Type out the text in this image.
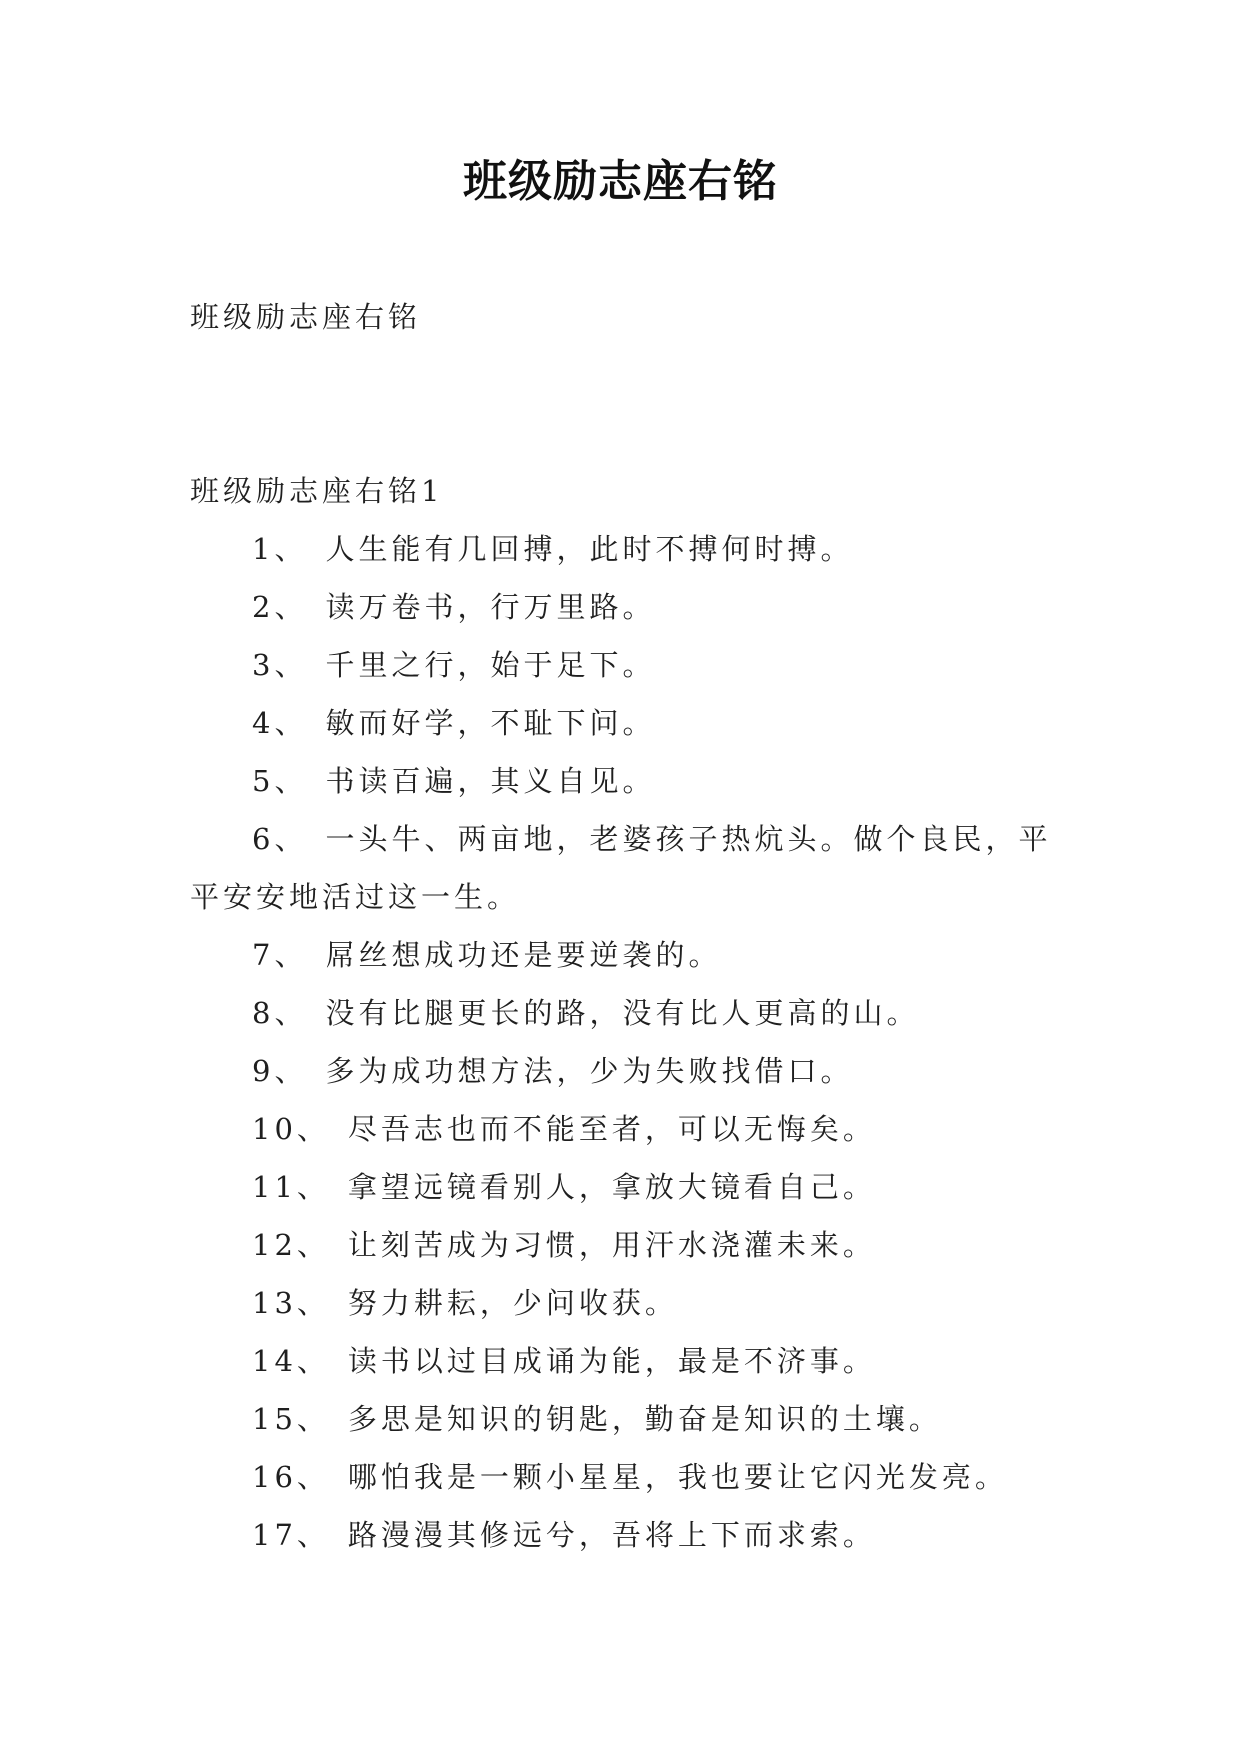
班级励志座右铭
班级励志座右铭
班级励志座右铭1
1、 人生能有几回搏，此时不搏何时搏。
2、 读万卷书，行万里路。
3、 千里之行，始于足下。
4、 敏而好学，不耻下问。
5、 书读百遍，其义自见。
6、 一头牛、两亩地，老婆孩子热炕头。做个良民，平平安安地活过这一生。
7、 屌丝想成功还是要逆袭的。
8、 没有比腿更长的路，没有比人更高的山。
9、 多为成功想方法，少为失败找借口。
10、 尽吾志也而不能至者，可以无悔矣。
11、 拿望远镜看别人，拿放大镜看自己。
12、 让刻苦成为习惯，用汗水浇灌未来。
13、 努力耕耘，少问收获。
14、 读书以过目成诵为能，最是不济事。
15、 多思是知识的钥匙，勤奋是知识的土壤。
16、 哪怕我是一颗小星星，我也要让它闪光发亮。
17、 路漫漫其修远兮，吾将上下而求索。
